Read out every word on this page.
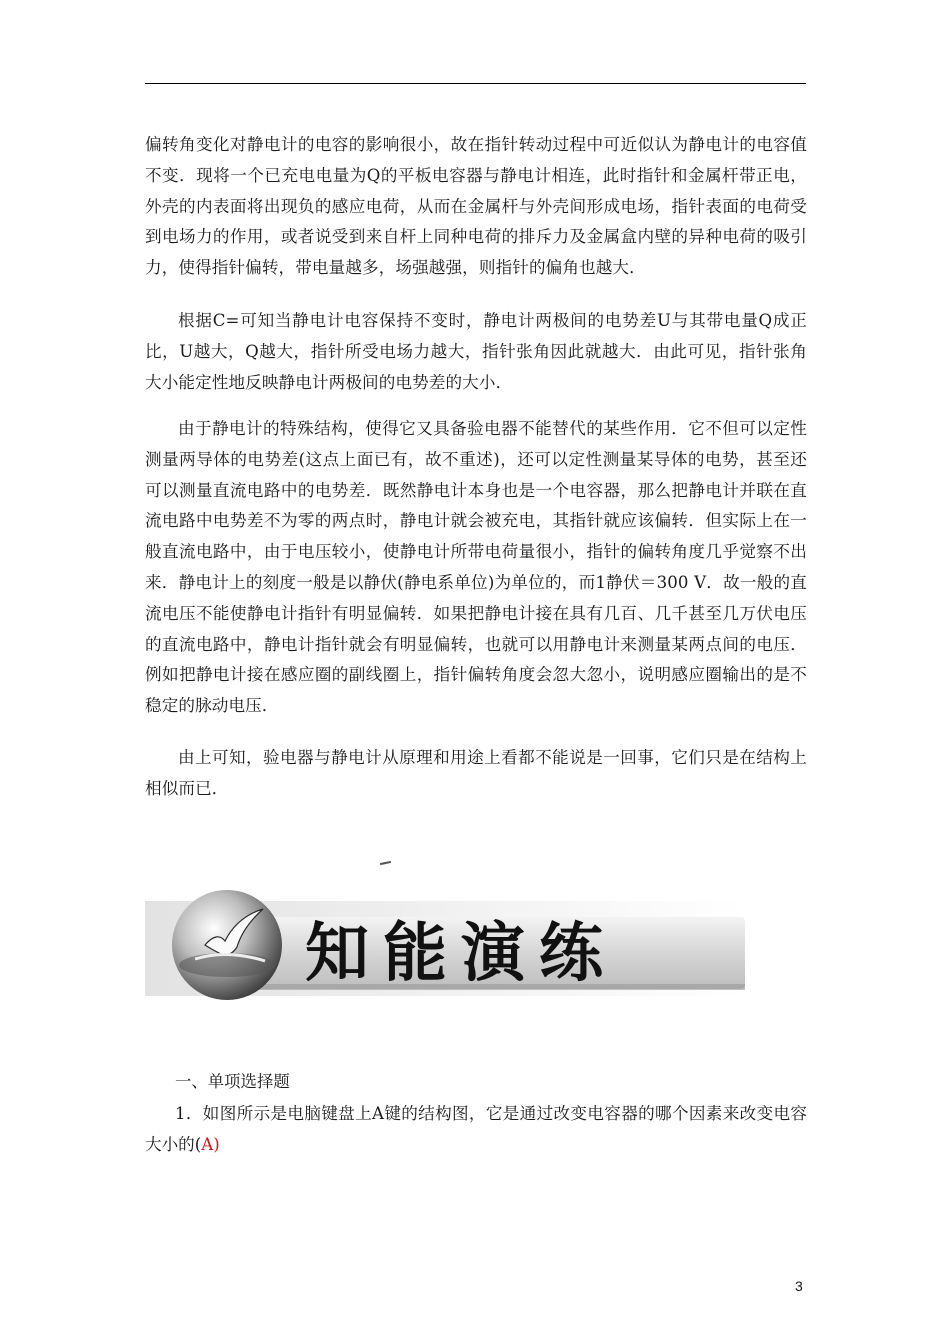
偏转角变化对静电计的电容的影响很小，故在指针转动过程中可近似认为静电计的电容值不变．现将一个已充电电量为Q的平板电容器与静电计相连，此时指针和金属杆带正电，外壳的内表面将出现负的感应电荷，从而在金属杆与外壳间形成电场，指针表面的电荷受到电场力的作用，或者说受到来自杆上同种电荷的排斥力及金属盒内壁的异种电荷的吸引力，使得指针偏转，带电量越多，场强越强，则指针的偏角也越大．

根据C=可知当静电计电容保持不变时，静电计两极间的电势差U与其带电量Q成正比，U越大，Q越大，指针所受电场力越大，指针张角因此就越大．由此可见，指针张角大小能定性地反映静电计两极间的电势差的大小．

由于静电计的特殊结构，使得它又具备验电器不能替代的某些作用．它不但可以定性测量两导体的电势差(这点上面已有，故不重述)，还可以定性测量某导体的电势，甚至还可以测量直流电路中的电势差．既然静电计本身也是一个电容器，那么把静电计并联在直流电路中电势差不为零的两点时，静电计就会被充电，其指针就应该偏转．但实际上在一般直流电路中，由于电压较小，使静电计所带电荷量很小，指针的偏转角度几乎觉察不出来．静电计上的刻度一般是以静伏(静电系单位)为单位的，而1静伏＝300 V．故一般的直流电压不能使静电计指针有明显偏转．如果把静电计接在具有几百、几千甚至几万伏电压的直流电路中，静电计指针就会有明显偏转，也就可以用静电计来测量某两点间的电压．例如把静电计接在感应圈的副线圈上，指针偏转角度会忽大忽小，说明感应圈输出的是不稳定的脉动电压．

由上可知，验电器与静电计从原理和用途上看都不能说是一回事，它们只是在结构上相似而已．

知能演练

一、单项选择题

1．如图所示是电脑键盘上A键的结构图，它是通过改变电容器的哪个因素来改变电容大小的(A)

3
